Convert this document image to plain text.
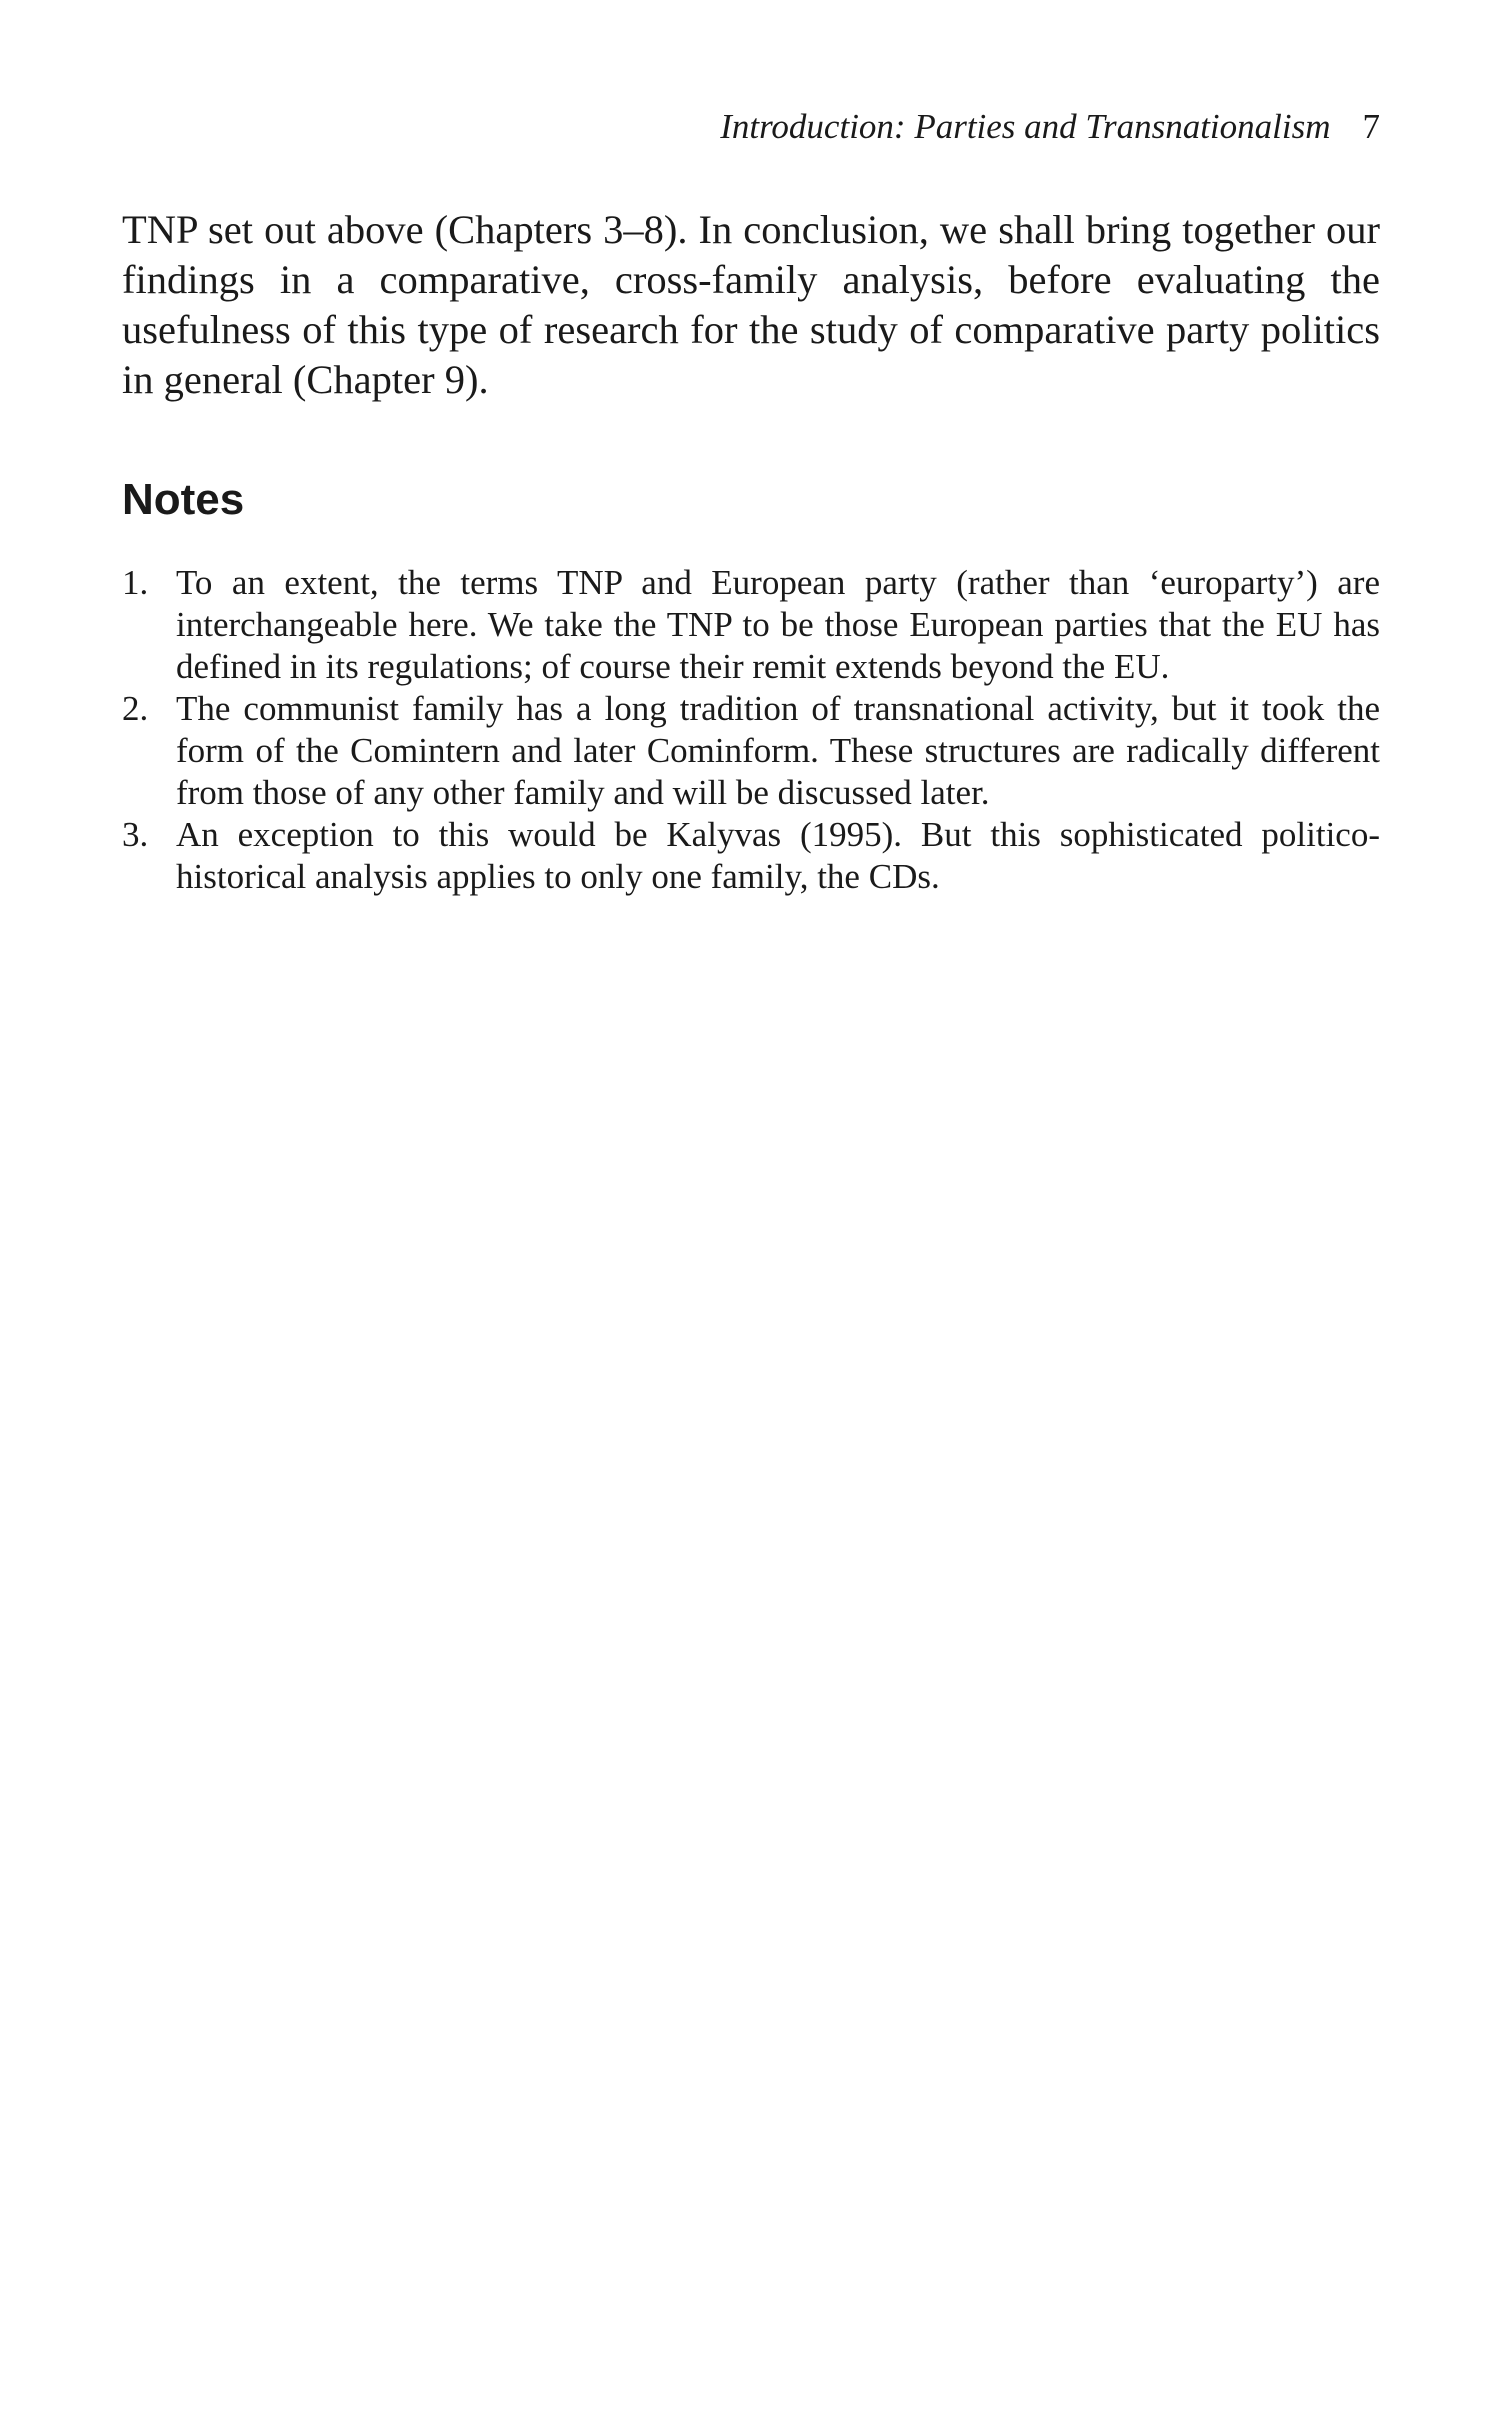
Introduction: Parties and Transnationalism 7

TNP set out above (Chapters 3–8). In conclusion, we shall bring together our findings in a comparative, cross-family analysis, before evaluating the usefulness of this type of research for the study of comparative party politics in general (Chapter 9).

Notes
1. To an extent, the terms TNP and European party (rather than ‘europarty’) are interchangeable here. We take the TNP to be those European parties that the EU has defined in its regulations; of course their remit extends beyond the EU.
2. The communist family has a long tradition of transnational activity, but it took the form of the Comintern and later Cominform. These structures are radically different from those of any other family and will be discussed later.
3. An exception to this would be Kalyvas (1995). But this sophisticated politico-historical analysis applies to only one family, the CDs.
